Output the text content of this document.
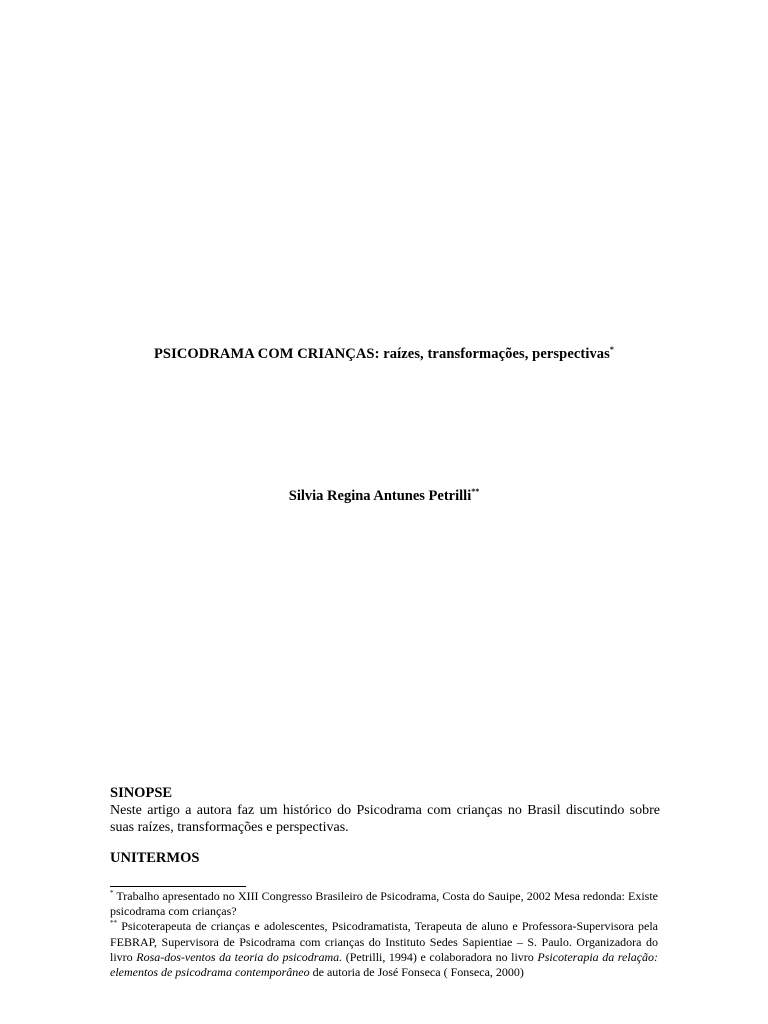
PSICODRAMA COM CRIANÇAS: raízes, transformações, perspectivas*
Silvia Regina Antunes Petrilli**
SINOPSE
Neste artigo a autora faz um histórico do Psicodrama com crianças no Brasil discutindo sobre suas raízes, transformações e perspectivas.
UNITERMOS

* Trabalho apresentado no XIII Congresso Brasileiro de Psicodrama, Costa do Sauipe, 2002 Mesa redonda: Existe psicodrama com crianças?

** Psicoterapeuta de crianças e adolescentes, Psicodramatista, Terapeuta de aluno e Professora-Supervisora pela FEBRAP, Supervisora de Psicodrama com crianças do Instituto Sedes Sapientiae – S. Paulo. Organizadora do livro Rosa-dos-ventos da teoria do psicodrama. (Petrilli, 1994) e colaboradora no livro Psicoterapia da relação: elementos de psicodrama contemporâneo de autoria de José Fonseca ( Fonseca, 2000)
